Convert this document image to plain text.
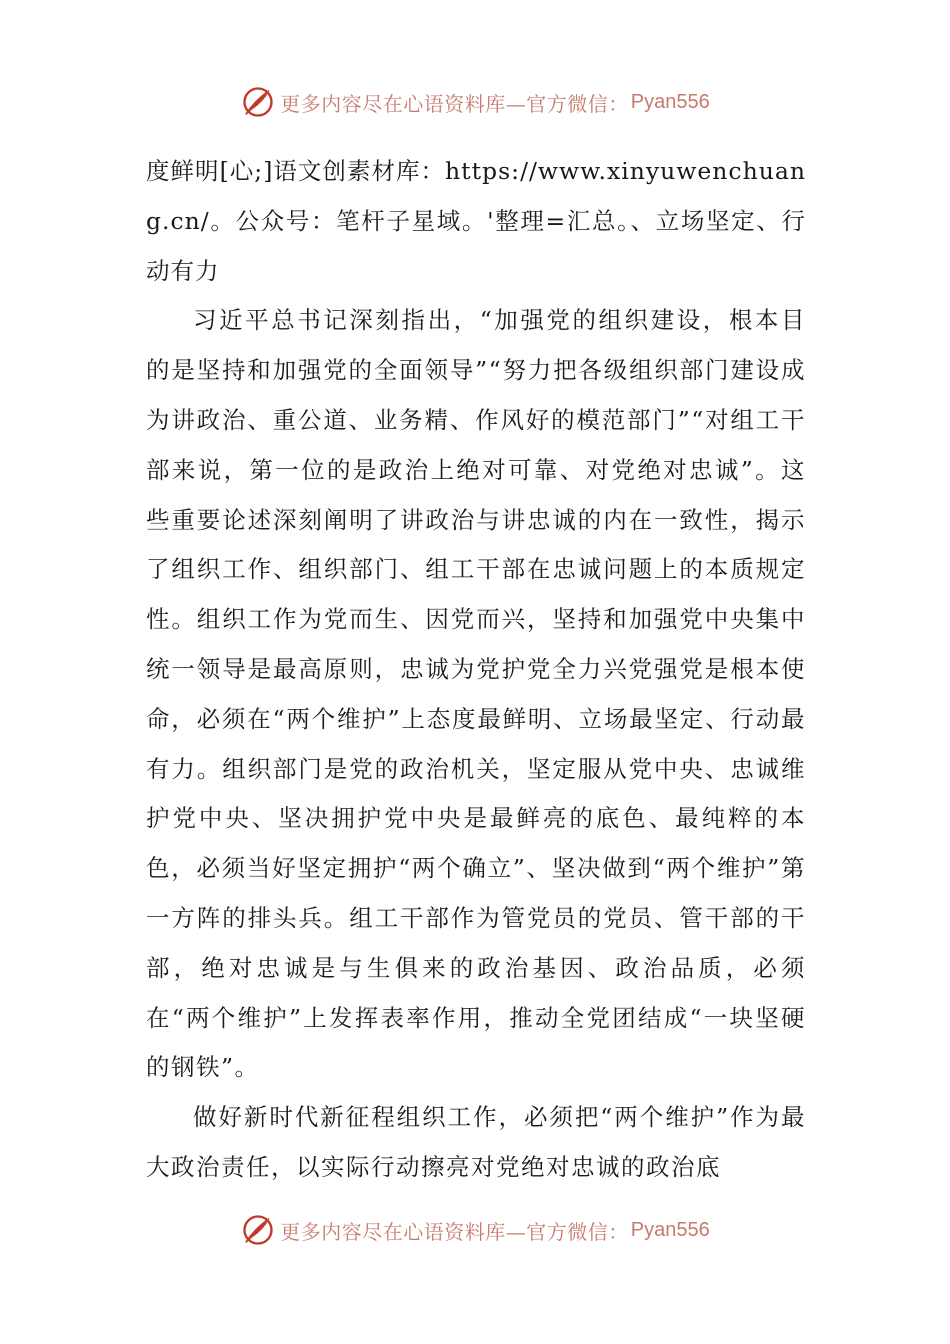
更多内容尽在心语资料库—官方微信： Pyan556

度鲜明[心;]语文创素材库：https://www.xinyuwenchuang.cn/。公众号：笔杆子星域。'整理=汇总。、立场坚定、行动有力

习近平总书记深刻指出，“加强党的组织建设，根本目的是坚持和加强党的全面领导”“努力把各级组织部门建设成为讲政治、重公道、业务精、作风好的模范部门”“对组工干部来说，第一位的是政治上绝对可靠、对党绝对忠诚”。这些重要论述深刻阐明了讲政治与讲忠诚的内在一致性，揭示了组织工作、组织部门、组工干部在忠诚问题上的本质规定性。组织工作为党而生、因党而兴，坚持和加强党中央集中统一领导是最高原则，忠诚为党护党全力兴党强党是根本使命，必须在“两个维护”上态度最鲜明、立场最坚定、行动最有力。组织部门是党的政治机关，坚定服从党中央、忠诚维护党中央、坚决拥护党中央是最鲜亮的底色、最纯粹的本色，必须当好坚定拥护“两个确立”、坚决做到“两个维护”第一方阵的排头兵。组工干部作为管党员的党员、管干部的干部，绝对忠诚是与生俱来的政治基因、政治品质，必须在“两个维护”上发挥表率作用，推动全党团结成“一块坚硬的钢铁”。

做好新时代新征程组织工作，必须把“两个维护”作为最大政治责任，以实际行动擦亮对党绝对忠诚的政治底

更多内容尽在心语资料库—官方微信： Pyan556
